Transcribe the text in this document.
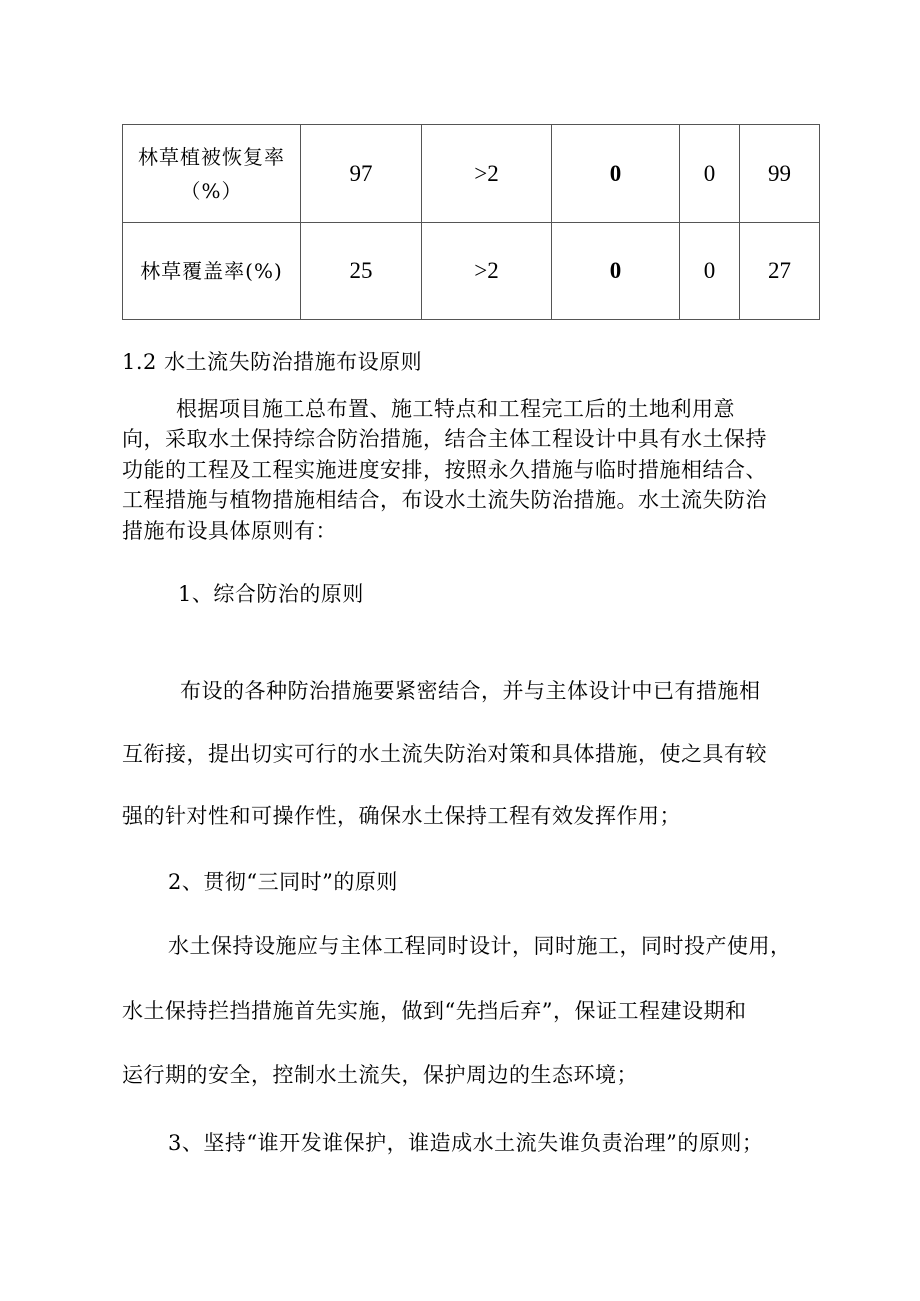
林草植被恢复率
（%）	97	>2	0	0	99
林草覆盖率(%)	25	>2	0	0	27
1.2 水土流失防治措施布设原则
根据项目施工总布置、施工特点和工程完工后的土地利用意
向，采取水土保持综合防治措施，结合主体工程设计中具有水土保持
功能的工程及工程实施进度安排，按照永久措施与临时措施相结合、
工程措施与植物措施相结合，布设水土流失防治措施。水土流失防治
措施布设具体原则有：
1、综合防治的原则
布设的各种防治措施要紧密结合，并与主体设计中已有措施相
互衔接，提出切实可行的水土流失防治对策和具体措施，使之具有较
强的针对性和可操作性，确保水土保持工程有效发挥作用；
2、贯彻“三同时”的原则
水土保持设施应与主体工程同时设计，同时施工，同时投产使用，
水土保持拦挡措施首先实施，做到“先挡后弃”，保证工程建设期和
运行期的安全，控制水土流失，保护周边的生态环境；
3、坚持“谁开发谁保护，谁造成水土流失谁负责治理”的原则；
